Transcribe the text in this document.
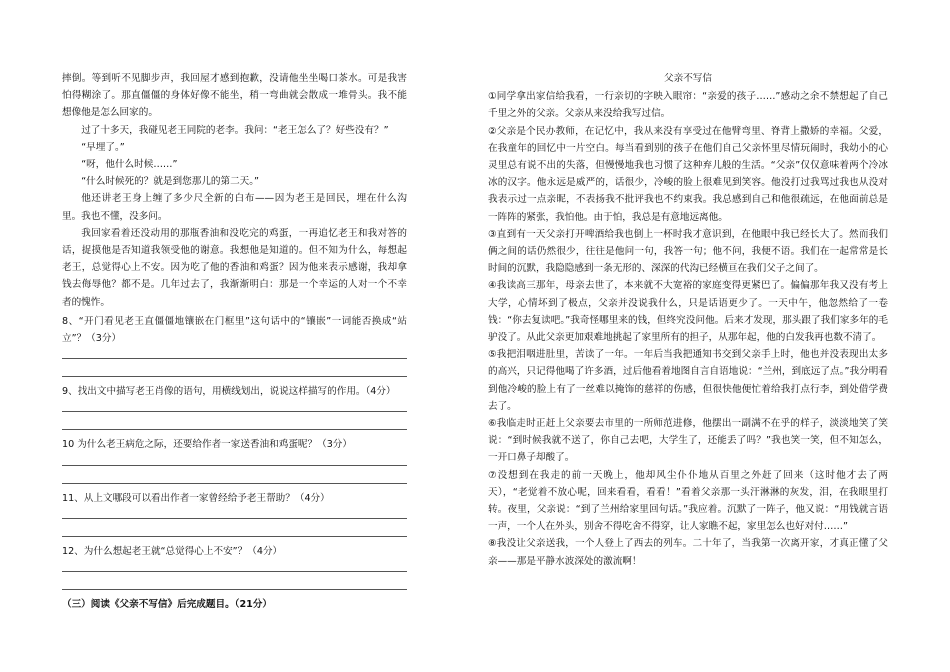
摔倒。等到听不见脚步声，我回屋才感到抱歉，没请他坐坐喝口茶水。可是我害怕得糊涂了。那直僵僵的身体好像不能坐，稍一弯曲就会散成一堆骨头。我不能想像他是怎么回家的。

过了十多天，我碰见老王同院的老李。我问：“老王怎么了？好些没有？”

“早埋了。”

“呀，他什么时候……”

“什么时候死的？就是到您那儿的第二天。”

他还讲老王身上缠了多少尺全新的白布——因为老王是回民，埋在什么沟里。我也不懂，没多问。

我回家看着还没动用的那瓶香油和没吃完的鸡蛋，一再追忆老王和我对答的话，捉摸他是否知道我领受他的谢意。我想他是知道的。但不知为什么，每想起老王，总觉得心上不安。因为吃了他的香油和鸡蛋？因为他来表示感谢，我却拿钱去侮辱他？都不是。几年过去了，我渐渐明白：那是一个幸运的人对一个不幸者的愧怍。

8、“开门看见老王直僵僵地镶嵌在门框里”这句话中的“镶嵌”一词能否换成“站立”？（3分）

9、找出文中描写老王肖像的语句，用横线划出，说说这样描写的作用。（4分）

10 为什么老王病危之际，还要给作者一家送香油和鸡蛋呢？（3分）

11、从上文哪段可以看出作者一家曾经给予老王帮助？（4分）

12、为什么想起老王就“总觉得心上不安”？（4分）

（三）阅读《父亲不写信》后完成题目。（21分）

父亲不写信

①同学拿出家信给我看，一行亲切的字映入眼帘：“亲爱的孩子……”感动之余不禁想起了自己千里之外的父亲。父亲从来没给我写过信。

②父亲是个民办教师，在记忆中，我从来没有享受过在他臂弯里、脊背上撒娇的幸福。父爱，在我童年的回忆中一片空白。每当看到别的孩子在他们自己父亲怀里尽情玩闹时，我幼小的心灵里总有说不出的失落，但慢慢地我也习惯了这种弃儿般的生活。“父亲”仅仅意味着两个冷冰冰的汉字。他永远是威严的，话很少，冷峻的脸上很难见到笑容。他没打过我骂过我也从没对我表示过一点亲昵，不表扬我不批评我也不约束我。我总感到自己和他很疏远，在他面前总是一阵阵的紧张，我怕他。由于怕，我总是有意地远离他。

③直到有一天父亲打开啤酒给我也倒上一杯时我才意识到，在他眼中我已经长大了。然而我们俩之间的话仍然很少，往往是他问一句，我答一句；他不问，我便不语。我们在一起常常是长时间的沉默，我隐隐感到一条无形的、深深的代沟已经横亘在我们父子之间了。

④我读高三那年，母亲去世了，本来就不大宽裕的家庭变得更紧巴了。偏偏那年我又没有考上大学，心情坏到了极点，父亲并没说我什么，只是话语更少了。一天中午，他忽然给了一卷钱：“你去复读吧。”我奇怪哪里来的钱，但终究没问他。后来才发现，那头跟了我们家多年的毛驴没了。从此父亲更加艰难地挑起了家里所有的担子，从那年起，他的白发我再也数不清了。

⑤我把泪咽进肚里，苦读了一年。一年后当我把通知书交到父亲手上时，他也并没表现出太多的高兴，只记得他喝了许多酒，过后他看着地图自言自语地说：“兰州，到底远了点。”我分明看到他冷峻的脸上有了一丝难以掩饰的慈祥的伤感，但很快他便忙着给我打点行李，到处借学费去了。

⑥我临走时正赶上父亲要去市里的一所师范进修，他摆出一副满不在乎的样子，淡淡地笑了笑说：“到时候我就不送了，你自己去吧，大学生了，还能丢了吗？”我也笑一笑，但不知怎么，一开口鼻子却酸了。

⑦没想到在我走的前一天晚上，他却风尘仆仆地从百里之外赶了回来（这时他才去了两天），“老觉着不放心呢，回来看看，看看！”看着父亲那一头汗淋淋的灰发，泪，在我眼里打转。夜里，父亲说：“到了兰州给家里回句话。”我应着。沉默了一阵子，他又说：“用钱就言语一声，一个人在外头，别舍不得吃舍不得穿，让人家瞧不起，家里怎么也好对付……”

⑧我没让父亲送我，一个人登上了西去的列车。二十年了，当我第一次离开家，才真正懂了父亲——那是平静水波深处的激流啊！
